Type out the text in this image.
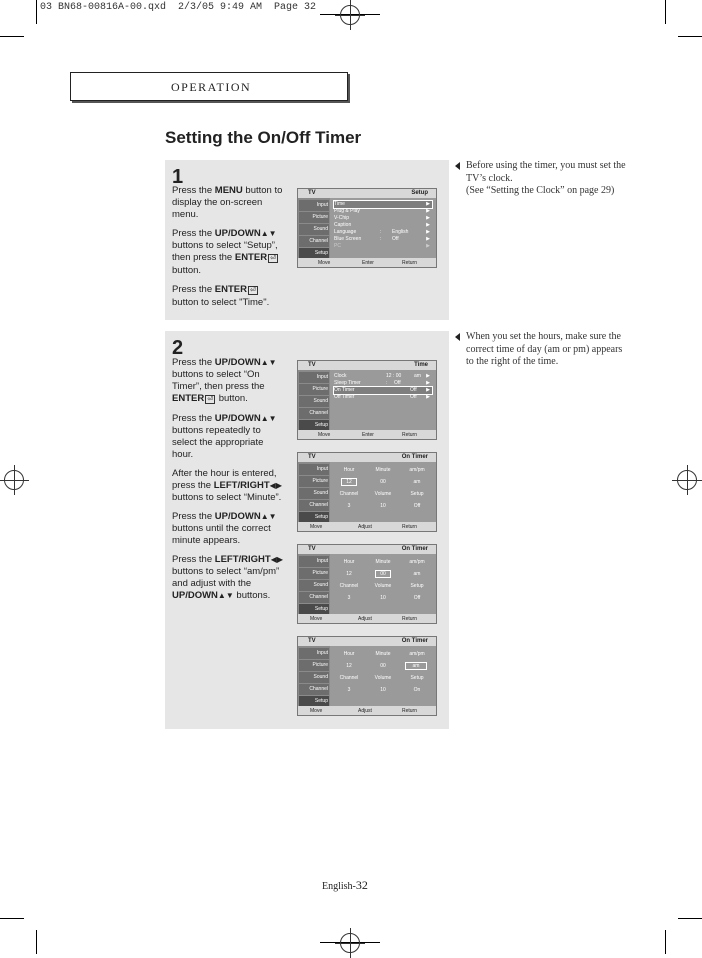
03 BN68-00816A-00.qxd  2/3/05 9:49 AM  Page 32
OPERATION
Setting the On/Off Timer
1

Press the MENU button to display the on-screen menu.

Press the UP/DOWN▲▼ buttons to select “Setup”, then press the ENTER ⏎ button.

Press the ENTER ⏎ button to select "Time".

TV	Setup
Input
Picture
Sound
Channel
Setup
Time	▶
Plug & Play	▶
V-Chip	▶
Caption	▶
Language	: English	▶
Blue Screen	: Off	▶
PC	▶
Move	Enter	Return
Before using the timer, you must set the TV’s clock.
(See “Setting the Clock” on page 29)
2

Press the UP/DOWN▲▼ buttons to select “On Timer”, then press the ENTER ⏎ button.

Press the UP/DOWN▲▼ buttons repeatedly to select the appropriate hour.

After the hour is entered, press the LEFT/RIGHT◀▶ buttons to select “Minute”.

Press the UP/DOWN▲▼ buttons until the correct minute appears.

Press the LEFT/RIGHT◀▶ buttons to select “am/pm” and adjust with the UP/DOWN▲▼ buttons.

TV	Time
Input
Picture
Sound
Channel
Setup
Clock	12 : 00	am ▶
Sleep Timer	: Off	▶
On Timer	Off ▶
Off Timer	Off ▶
Move	Enter	Return
TV	On Timer
Input
Picture
Sound
Channel
Setup
Hour	Minute	am/pm
12	00	am
Channel	Volume	Setup
3	10	Off
Move	Adjust	Return
TV	On Timer
Input
Picture
Sound
Channel
Setup
Hour	Minute	am/pm
12	00	am
Channel	Volume	Setup
3	10	Off
Move	Adjust	Return
TV	On Timer
Input
Picture
Sound
Channel
Setup
Hour	Minute	am/pm
12	00	am
Channel	Volume	Setup
3	10	On
Move	Adjust	Return
When you set the hours, make sure the correct time of day (am or pm) appears to the right of the time.
English-32
